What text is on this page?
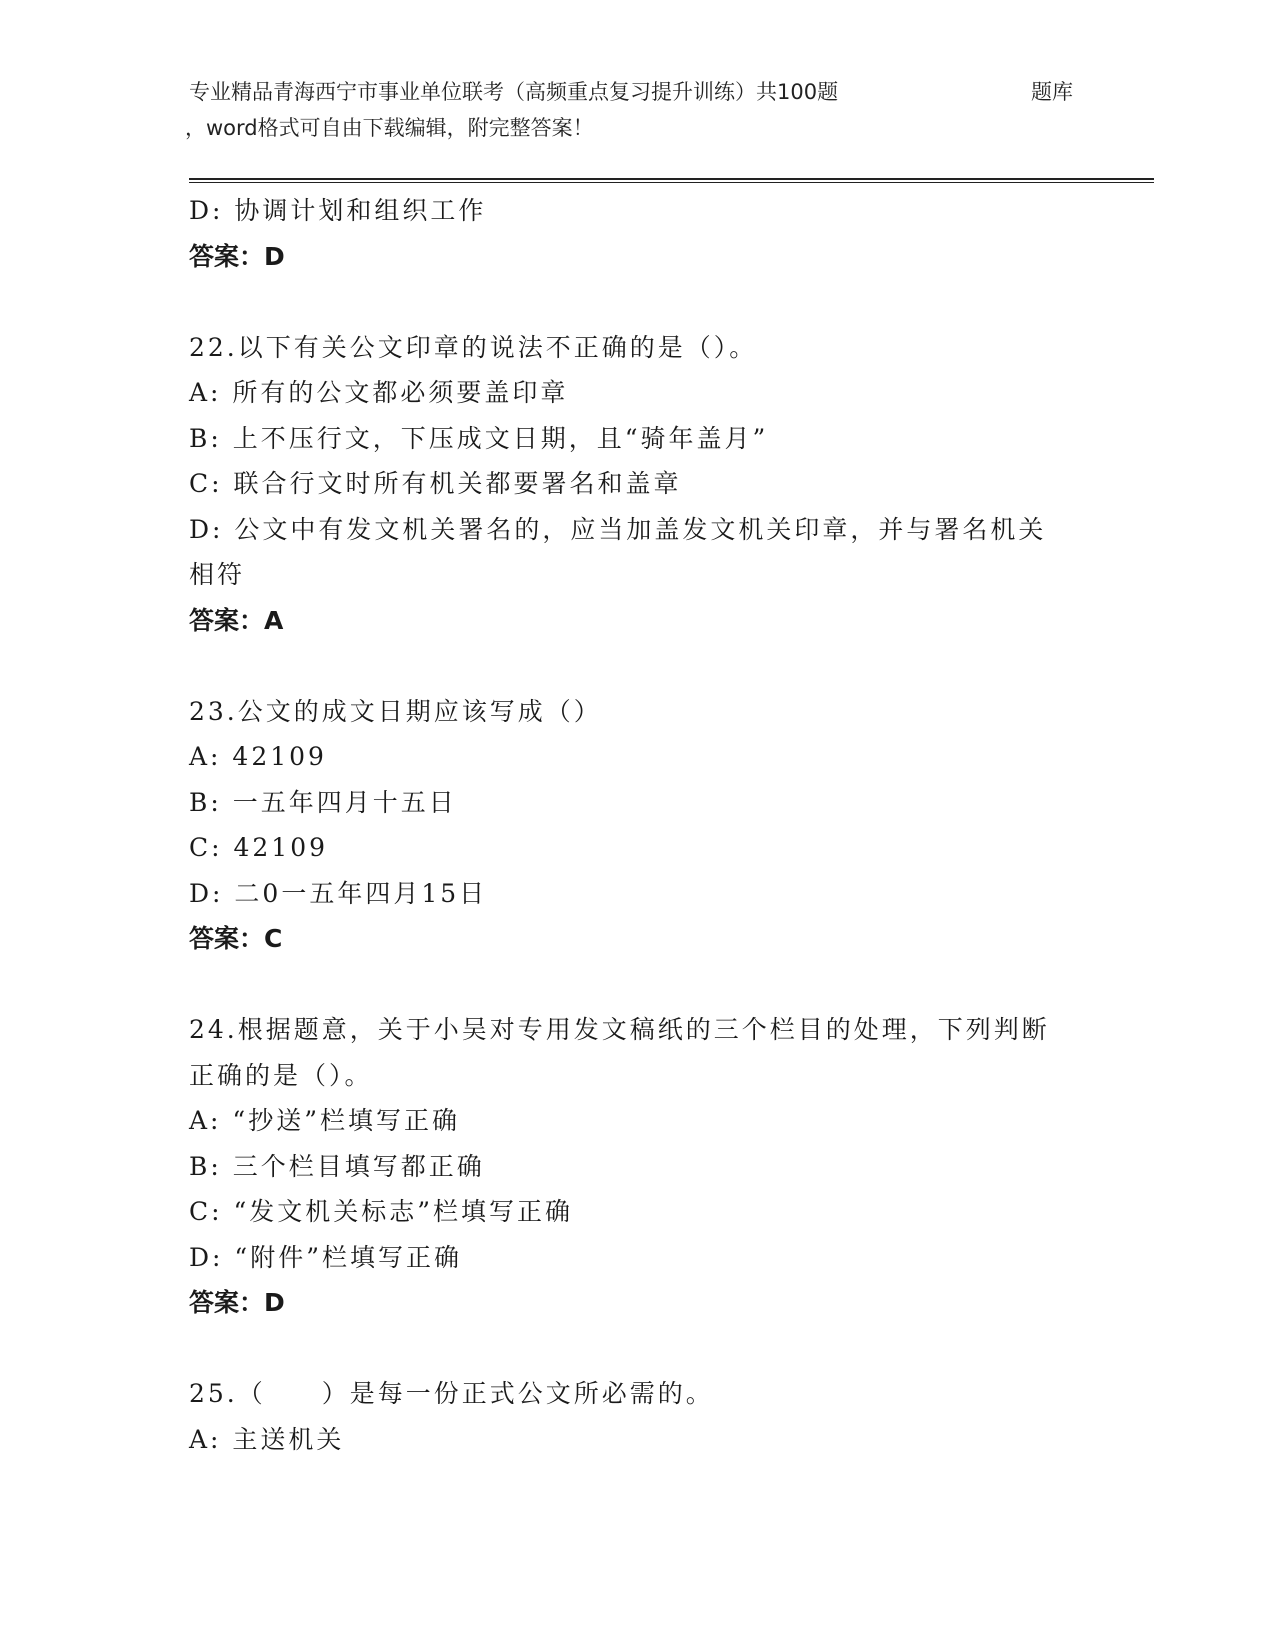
专业精品青海西宁市事业单位联考（高频重点复习提升训练）共100题	题库
，word格式可自由下载编辑，附完整答案！
D: 协调计划和组织工作
答案：D
22.以下有关公文印章的说法不正确的是（）。
A: 所有的公文都必须要盖印章
B: 上不压行文，下压成文日期，且“骑年盖月”
C: 联合行文时所有机关都要署名和盖章
D: 公文中有发文机关署名的，应当加盖发文机关印章，并与署名机关
相符
答案：A
23.公文的成文日期应该写成（）
A: 42109
B: 一五年四月十五日
C: 42109
D: 二0一五年四月15日
答案：C
24.根据题意，关于小吴对专用发文稿纸的三个栏目的处理，下列判断
正确的是（）。
A: “抄送”栏填写正确
B: 三个栏目填写都正确
C: “发文机关标志”栏填写正确
D: “附件”栏填写正确
答案：D
25.（　　）是每一份正式公文所必需的。
A: 主送机关
